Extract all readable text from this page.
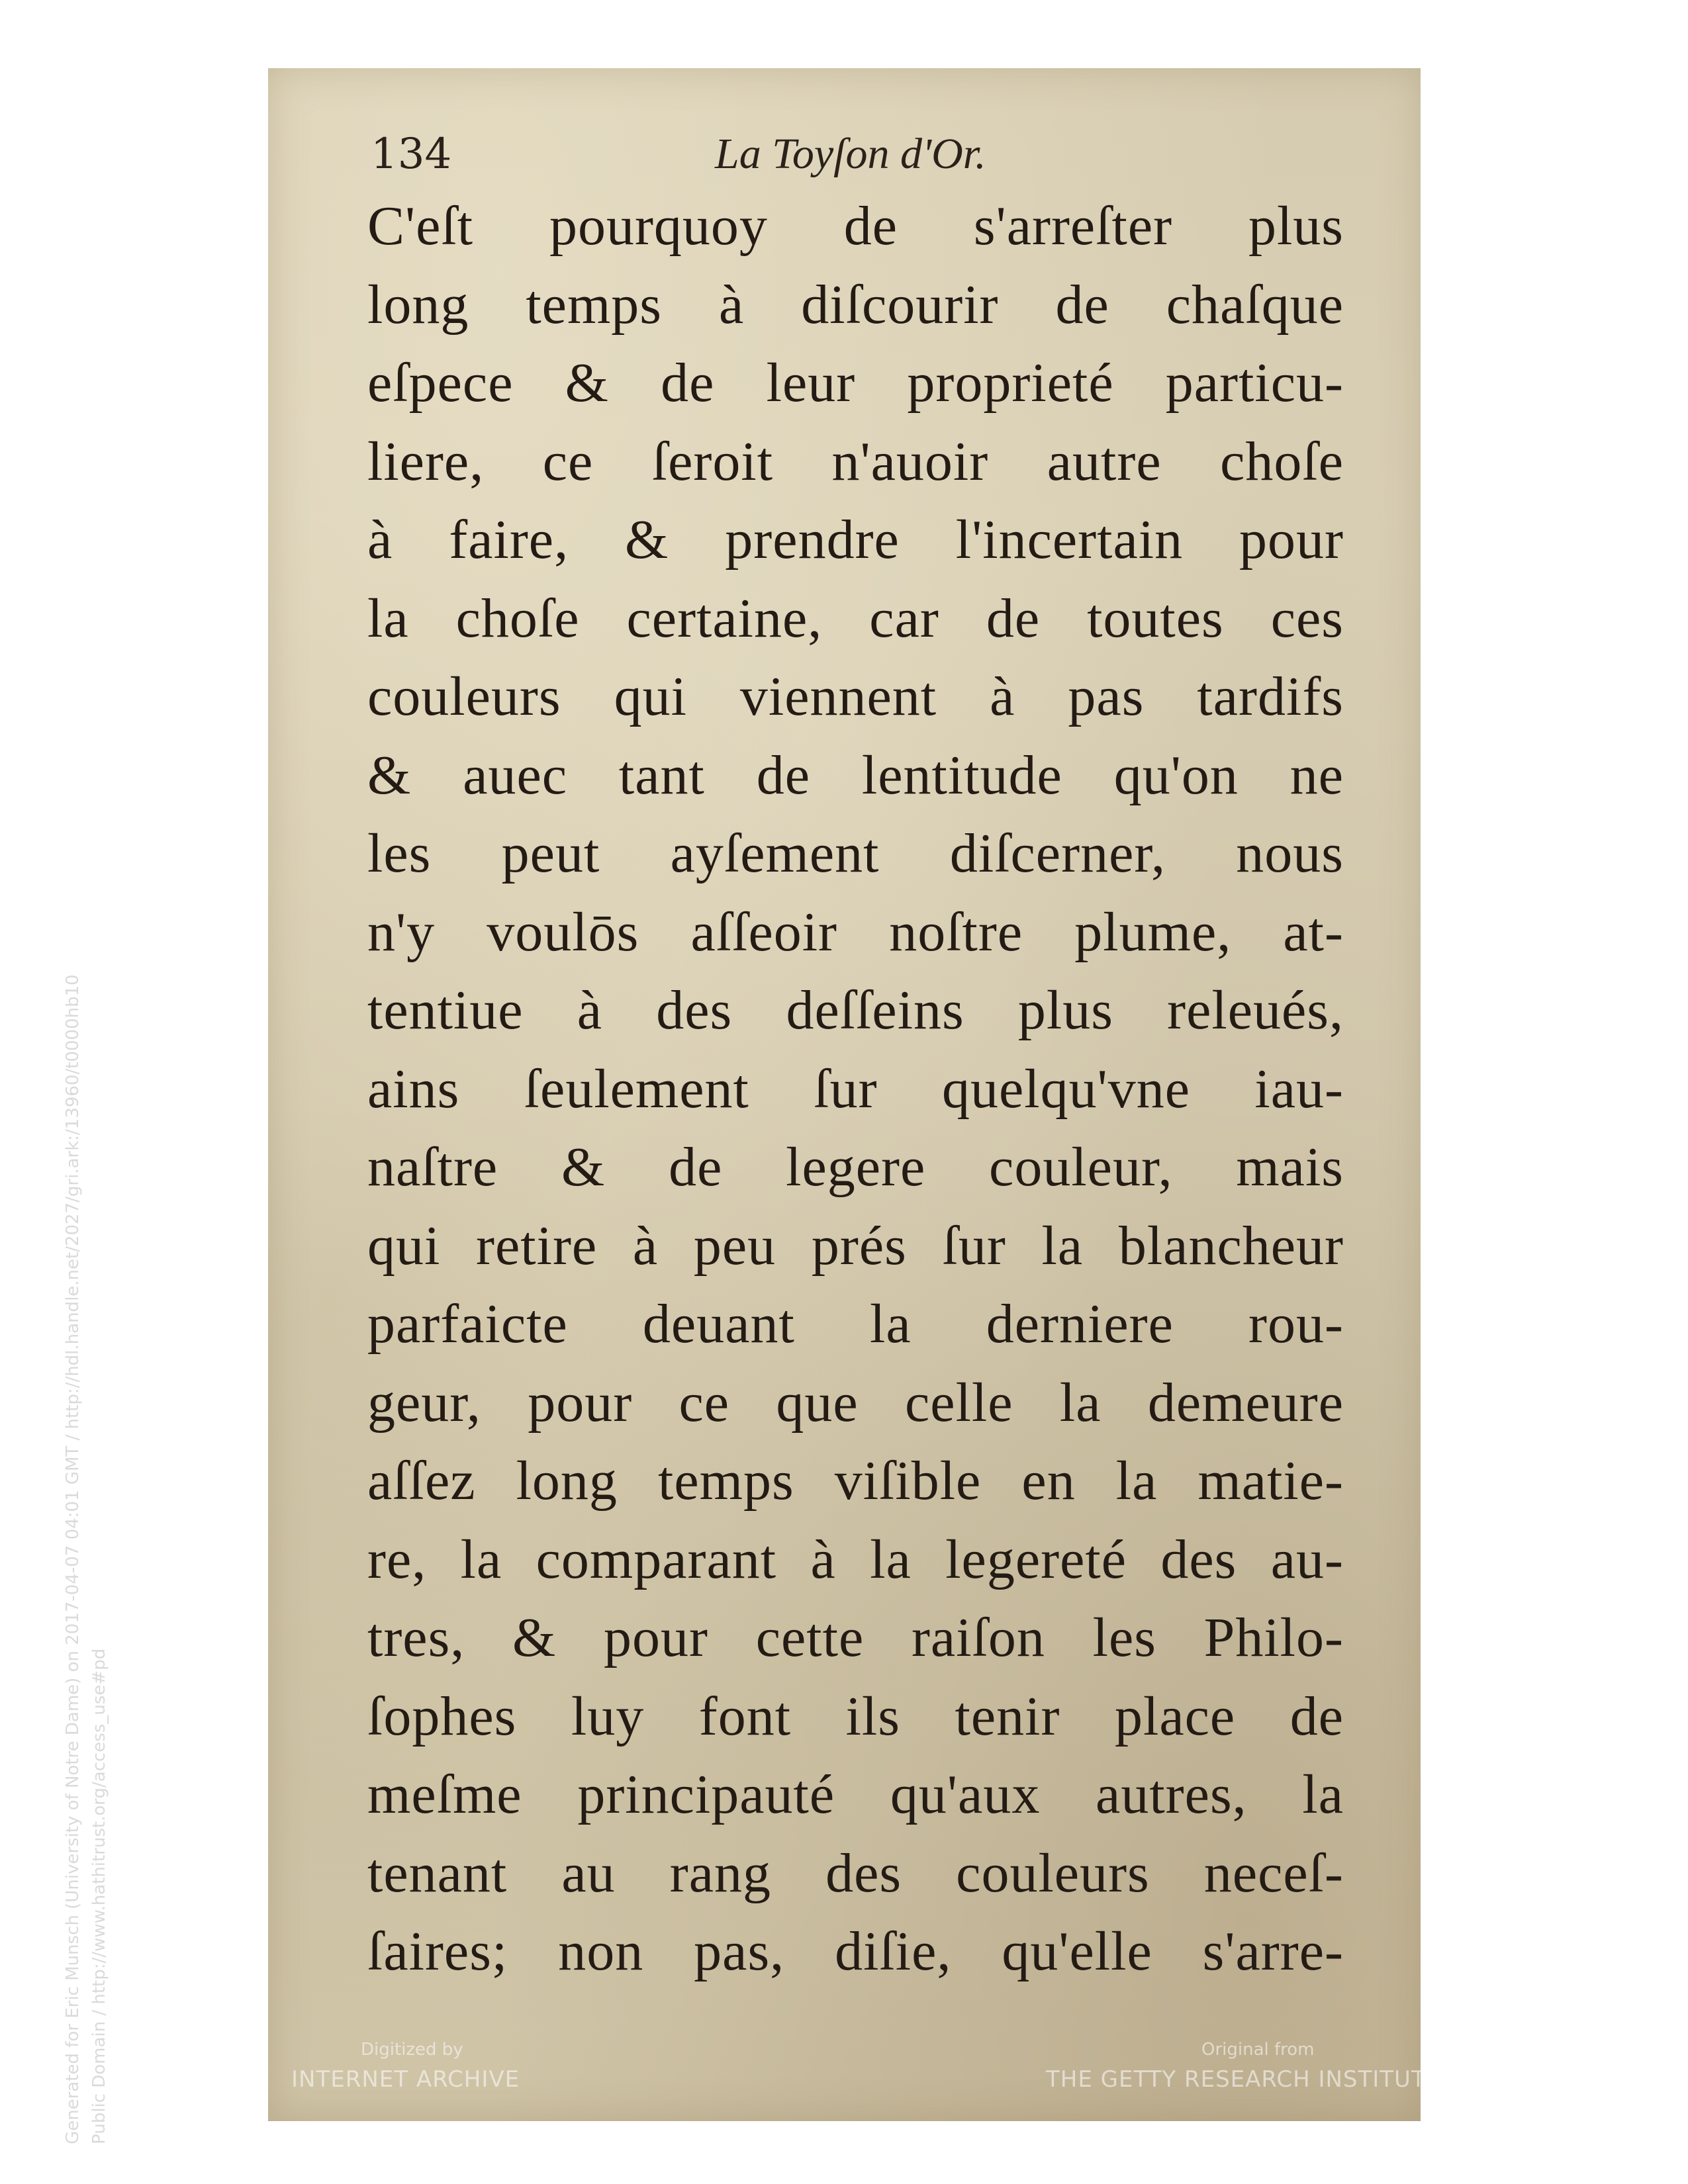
134	La Toyſon d'Or.
C'eſt pourquoy de s'arreſter plus
long temps à diſcourir de chaſque
eſpece & de leur proprieté particu-
liere, ce ſeroit n'auoir autre choſe
à faire, & prendre l'incertain pour
la choſe certaine, car de toutes ces
couleurs qui viennent à pas tardifs
& auec tant de lentitude qu'on ne
les peut ayſement diſcerner, nous
n'y voulōs aſſeoir noſtre plume, at-
tentiue à des deſſeins plus releués,
ains ſeulement ſur quelqu'vne iau-
naſtre & de legere couleur, mais
qui retire à peu prés ſur la blancheur
parfaicte deuant la derniere rou-
geur, pour ce que celle la demeure
aſſez long temps viſible en la matie-
re, la comparant à la legereté des au-
tres, & pour cette raiſon les Philo-
ſophes luy font ils tenir place de
meſme principauté qu'aux autres, la
tenant au rang des couleurs neceſ-
ſaires; non pas, diſie, qu'elle s'arre-
Generated for Eric Munsch (University of Notre Dame) on 2017-04-07 04:01 GMT / http://hdl.handle.net/2027/gri.ark:/13960/t0000hb10 Public Domain / http://www.hathitrust.org/access_use#pd	Digitized by
INTERNET ARCHIVE
Original from
THE GETTY RESEARCH INSTITUTE
